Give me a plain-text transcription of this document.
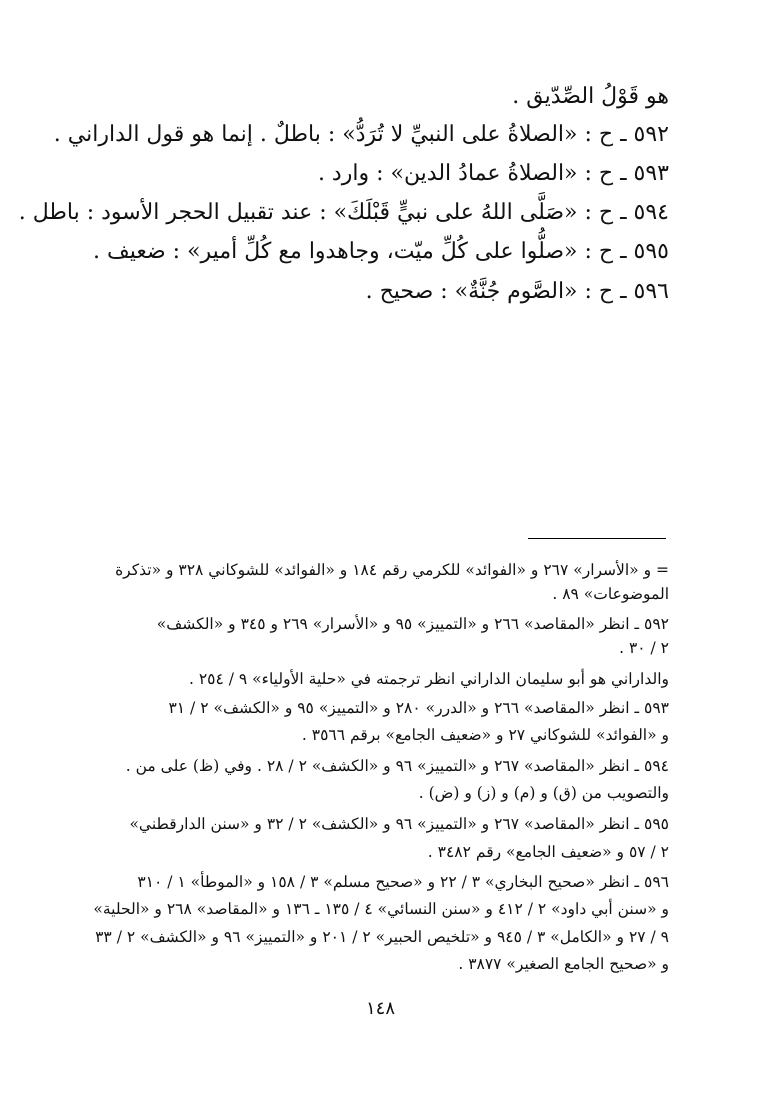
هو قَوْلُ الصِّدّيق .
٥٩٢ ـ ح : «الصلاةُ على النبيِّ لا تُرَدُّ» : باطلٌ . إنما هو قول الداراني .
٥٩٣ ـ ح : «الصلاةُ عمادُ الدين» : وارد .
٥٩٤ ـ ح : «صَلَّى اللهُ على نبيٍّ قَبْلَكَ» : عند تقبيل الحجر الأسود : باطل .
٥٩٥ ـ ح : «صلُّوا على كُلِّ ميّت، وجاهدوا مع كُلِّ أمير» : ضعيف .
٥٩٦ ـ ح : «الصَّوم جُنَّةٌ» : صحيح .
= و «الأسرار» ٢٦٧ و «الفوائد» للكرمي رقم ١٨٤ و «الفوائد» للشوكاني ٣٢٨ و «تذكرة
الموضوعات» ٨٩ .
٥٩٢ ـ انظر «المقاصد» ٢٦٦ و «التمييز» ٩٥ و «الأسرار» ٢٦٩ و ٣٤٥ و «الكشف»
٢ / ٣٠ .
والداراني هو أبو سليمان الداراني انظر ترجمته في «حلية الأولياء» ٩ / ٢٥٤ .
٥٩٣ ـ انظر «المقاصد» ٢٦٦ و «الدرر» ٢٨٠ و «التمييز» ٩٥ و «الكشف» ٢ / ٣١
و «الفوائد» للشوكاني ٢٧ و «ضعيف الجامع» برقم ٣٥٦٦ .
٥٩٤ ـ انظر «المقاصد» ٢٦٧ و «التمييز» ٩٦ و «الكشف» ٢ / ٢٨ . وفي (ظ) على من .
والتصويب من (ق) و (م) و (ز) و (ض) .
٥٩٥ ـ انظر «المقاصد» ٢٦٧ و «التمييز» ٩٦ و «الكشف» ٢ / ٣٢ و «سنن الدارقطني»
٢ / ٥٧ و «ضعيف الجامع» رقم ٣٤٨٢ .
٥٩٦ ـ انظر «صحيح البخاري» ٣ / ٢٢ و «صحيح مسلم» ٣ / ١٥٨ و «الموطأ» ١ / ٣١٠
و «سنن أبي داود» ٢ / ٤١٢ و «سنن النسائي» ٤ / ١٣٥ ـ ١٣٦ و «المقاصد» ٢٦٨ و «الحلية»
٩ / ٢٧ و «الكامل» ٣ / ٩٤٥ و «تلخيص الحبير» ٢ / ٢٠١ و «التمييز» ٩٦ و «الكشف» ٢ / ٣٣
و «صحيح الجامع الصغير» ٣٨٧٧ .
١٤٨
